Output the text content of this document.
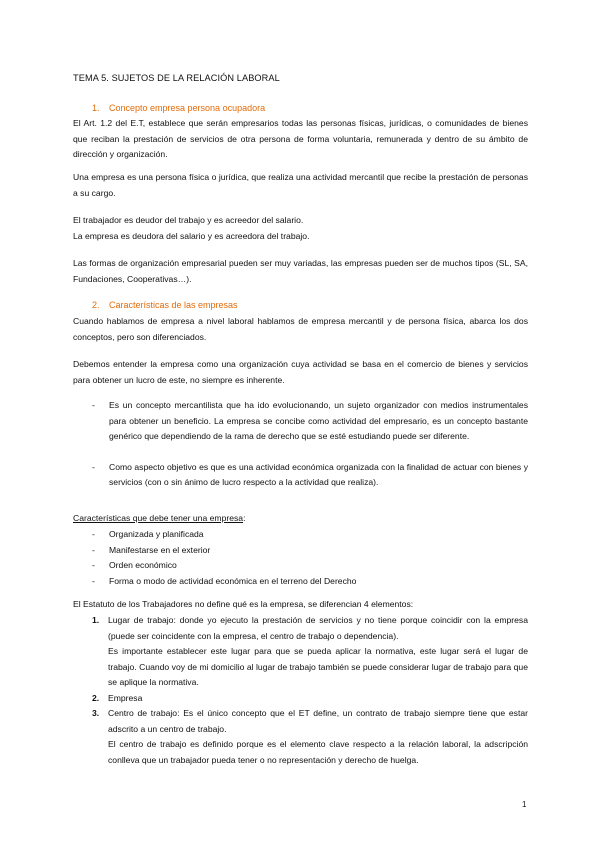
TEMA 5. SUJETOS DE LA RELACIÓN LABORAL
1. Concepto empresa persona ocupadora

El Art. 1.2 del E.T, establece que serán empresarios todas las personas físicas, jurídicas, o comunidades de bienes que reciban la prestación de servicios de otra persona de forma voluntaria, remunerada y dentro de su ámbito de dirección y organización.

Una empresa es una persona física o jurídica, que realiza una actividad mercantil que recibe la prestación de personas a su cargo.

El trabajador es deudor del trabajo y es acreedor del salario.

La empresa es deudora del salario y es acreedora del trabajo.

Las formas de organización empresarial pueden ser muy variadas, las empresas pueden ser de muchos tipos (SL, SA, Fundaciones, Cooperativas…).

2. Características de las empresas

Cuando hablamos de empresa a nivel laboral hablamos de empresa mercantil y de persona física, abarca los dos conceptos, pero son diferenciados.

Debemos entender la empresa como una organización cuya actividad se basa en el comercio de bienes y servicios para obtener un lucro de este, no siempre es inherente.

- Es un concepto mercantilista que ha ido evolucionando, un sujeto organizador con medios instrumentales para obtener un beneficio. La empresa se concibe como actividad del empresario, es un concepto bastante genérico que dependiendo de la rama de derecho que se esté estudiando puede ser diferente.
- Como aspecto objetivo es que es una actividad económica organizada con la finalidad de actuar con bienes y servicios (con o sin ánimo de lucro respecto a la actividad que realiza).

Características que debe tener una empresa:

- Organizada y planificada
- Manifestarse en el exterior
- Orden económico
- Forma o modo de actividad económica en el terreno del Derecho

El Estatuto de los Trabajadores no define qué es la empresa, se diferencian 4 elementos:

1. Lugar de trabajo: donde yo ejecuto la prestación de servicios y no tiene porque coincidir con la empresa (puede ser coincidente con la empresa, el centro de trabajo o dependencia).
Es importante establecer este lugar para que se pueda aplicar la normativa, este lugar será el lugar de trabajo. Cuando voy de mi domicilio al lugar de trabajo también se puede considerar lugar de trabajo para que se aplique la normativa.
2. Empresa
3. Centro de trabajo: Es el único concepto que el ET define, un contrato de trabajo siempre tiene que estar adscrito a un centro de trabajo.
El centro de trabajo es definido porque es el elemento clave respecto a la relación laboral, la adscripción conlleva que un trabajador pueda tener o no representación y derecho de huelga.
1
